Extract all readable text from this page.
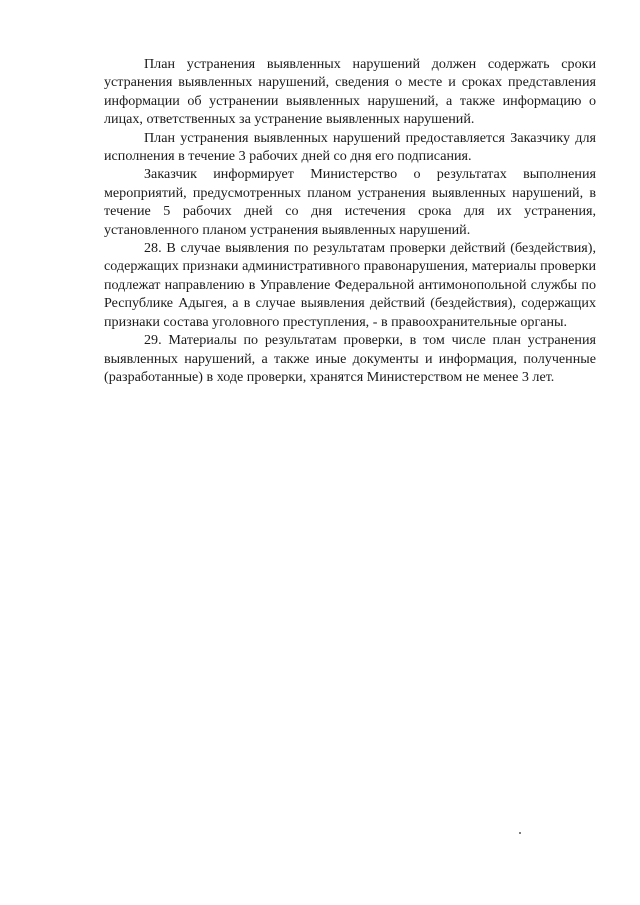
План устранения выявленных нарушений должен содержать сроки устранения выявленных нарушений, сведения о месте и сроках представления информации об устранении выявленных нарушений, а также информацию о лицах, ответственных за устранение выявленных нарушений.

План устранения выявленных нарушений предоставляется Заказчику для исполнения в течение 3 рабочих дней со дня его подписания.

Заказчик информирует Министерство о результатах выполнения мероприятий, предусмотренных планом устранения выявленных нарушений, в течение 5 рабочих дней со дня истечения срока для их устранения, установленного планом устранения выявленных нарушений.

28. В случае выявления по результатам проверки действий (бездействия), содержащих признаки административного правонарушения, материалы проверки подлежат направлению в Управление Федеральной антимонопольной службы по Республике Адыгея, а в случае выявления действий (бездействия), содержащих признаки состава уголовного преступления, - в правоохранительные органы.

29. Материалы по результатам проверки, в том числе план устранения выявленных нарушений, а также иные документы и информация, полученные (разработанные) в ходе проверки, хранятся Министерством не менее 3 лет.
